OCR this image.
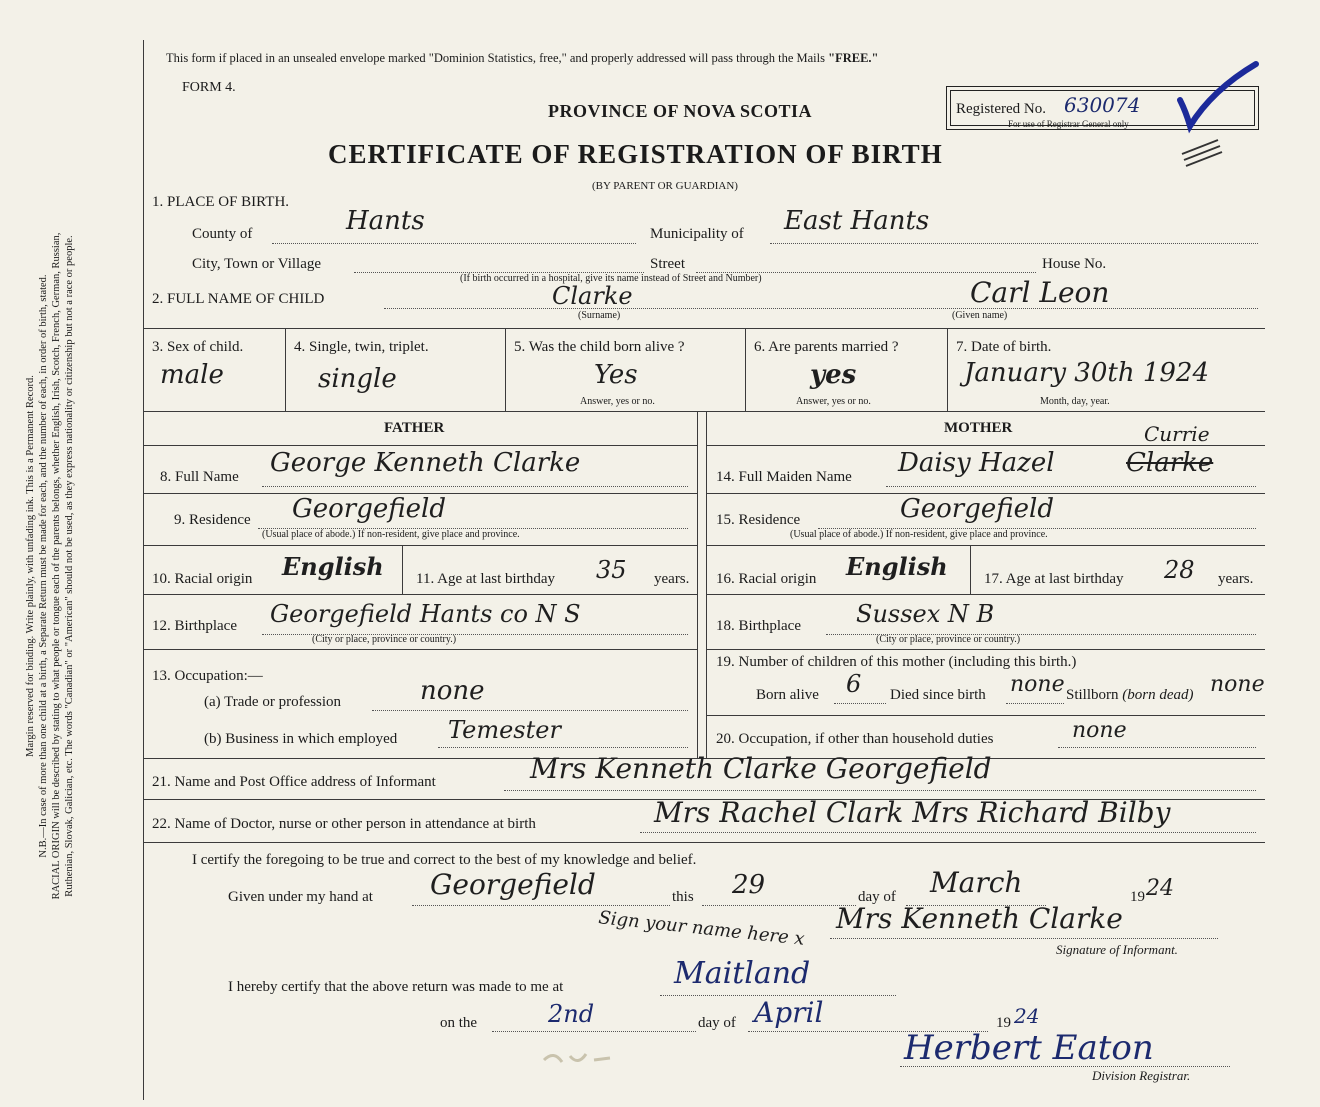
Margin reserved for binding. Write plainly, with unfading ink. This is a Permanent Record. N.B.—In case of more than one child at a birth, a Separate Return must be made for each, and the number of each, in order of birth, stated. RACIAL ORIGIN will be described by stating to what people or tongue each of the parents belongs, whether English, Irish, Scotch, French, German, Russian, Ruthenian, Slovak, Galician, etc. The words "Canadian" or "American" should not be used, as they express nationality or citizenship but not a race or people.
This form if placed in an unsealed envelope marked "Dominion Statistics, free," and properly addressed will pass through the Mails "FREE."
FORM 4.
PROVINCE OF NOVA SCOTIA
CERTIFICATE OF REGISTRATION OF BIRTH
(BY PARENT OR GUARDIAN)
Registered No. 630074
For use of Registrar General only
1. PLACE OF BIRTH.
County of	Hants	Municipality of East Hants
City, Town or Village	Street	House No.
(If birth occurred in a hospital, give its name instead of Street and Number)
2. FULL NAME OF CHILD	Clarke
(Surname)
Carl Leon
(Given name)
3. Sex of child.
male
4. Single, twin, triplet.
single
5. Was the child born alive ?
Yes
Answer, yes or no.
6. Are parents married ?
yes
Answer, yes or no.
7. Date of birth.
January 30th 1924
Month, day, year.
FATHER	MOTHER
8. Full Name George Kenneth Clarke	14. Full Maiden Name Daisy Hazel	Clarke
Currie
9. Residence Georgefield
(Usual place of abode.) If non-resident, give place and province.
15. Residence	Georgefield
(Usual place of abode.) If non-resident, give place and province.
10. Racial origin English 11. Age at last birthday 35 years. 16. Racial origin English 17. Age at last birthday 28 years.
12. Birthplace Georgefield Hants co N S
(City or place, province or country.)
18. Birthplace Sussex N B
(City or place, province or country.)
13. Occupation:—
(a) Trade or profession	none
(b) Business in which employed Temester
19. Number of children of this mother (including this birth.)
Born alive 6 Died since birth none Stillborn (born dead) none
20. Occupation, if other than household duties	none
21. Name and Post Office address of Informant	Mrs Kenneth Clarke Georgefield
22. Name of Doctor, nurse or other person in attendance at birth	Mrs Rachel Clark Mrs Richard Bilby
I certify the foregoing to be true and correct to the best of my knowledge and belief.
Given under my hand at Georgefield	this 29	day of March	19 24
Sign your name here x Mrs Kenneth Clarke
Signature of Informant.
I hereby certify that the above return was made to me at	Maitland
on the	2nd	day of April	19 24
Herbert Eaton
Division Registrar.
